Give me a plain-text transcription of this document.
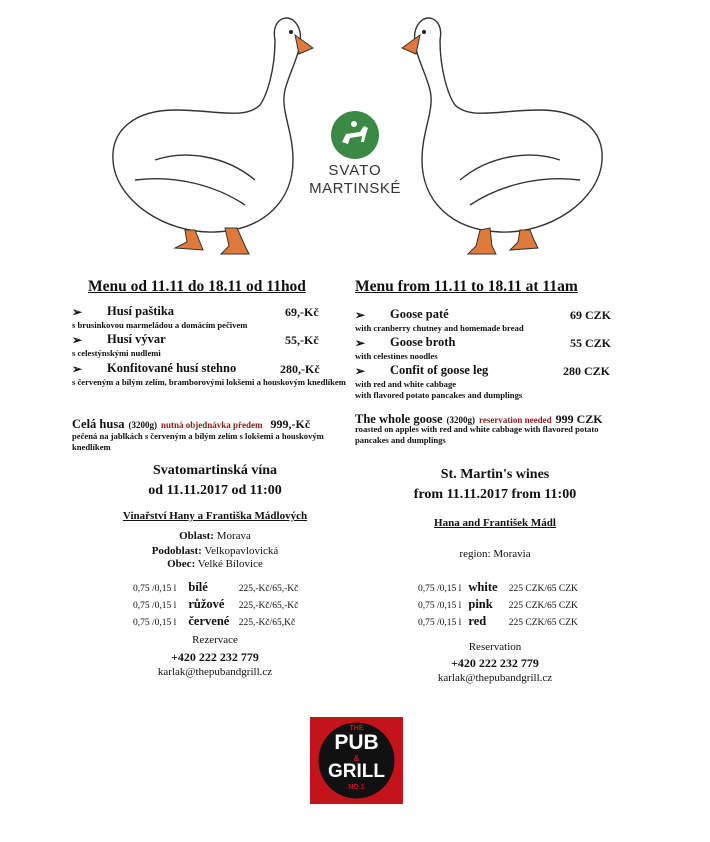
SVATO
MARTINSKÉ
Menu od 11.11 do 18.11 od 11hod
➢ Husí paštika	69,-Kč
s brusinkovou marmeládou a domácím pečivem
➢ Husí vývar	55,-Kč
s celestýnskými nudlemi
➢ Konfitované husí stehno	280,-Kč
s červeným a bílým zelím, bramborovými lokšemi a houskovým knedlíkem
Celá husa (3200g) nutná objednávka předem 999,-Kč
pečená na jablkách s červeným a bílým zelím s lokšemi a houskovým knedlíkem
Svatomartinská vína
od 11.11.2017 od 11:00
Vinařství Hany a Františka Mádlových
Oblast: Morava
Podoblast: Velkopavlovická
Obec: Velké Bílovice
0,75 /0,15 l bílé	225,-Kč/65,-Kč
0,75 /0,15 l růžové 225,-Kč/65,-Kč
0,75 /0,15 l červené 225,-Kč/65,Kč
Rezervace
+420 222 232 779
karlak@thepubandgrill.cz
Menu from 11.11 to 18.11 at 11am
➢ Goose paté	69 CZK
with cranberry chutney and homemade bread
➢ Goose broth	55 CZK
with celestines noodles
➢ Confit of goose leg	280 CZK
with red and white cabbage
with flavored potato pancakes and dumplings
The whole goose (3200g) reservation needed 999 CZK
roasted on apples with red and white cabbage with flavored potato pancakes and dumplings
St. Martin's wines
from 11.11.2017 from 11:00
Hana and František Mádl
region: Moravia
0,75 /0,15 l white 225 CZK/65 CZK
0,75 /0,15 l pink 225 CZK/65 CZK
0,75 /0,15 l red 225 CZK/65 CZK
Reservation
+420 222 232 779
karlak@thepubandgrill.cz
THE
PUB
&
GRILL
NO.1
